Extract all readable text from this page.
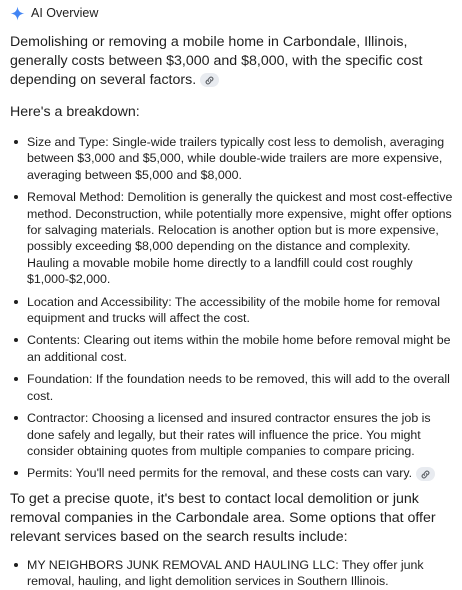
AI Overview

Demolishing or removing a mobile home in Carbondale, Illinois, generally costs between $3,000 and $8,000, with the specific cost depending on several factors.

Here's a breakdown:
Size and Type: Single-wide trailers typically cost less to demolish, averaging between $3,000 and $5,000, while double-wide trailers are more expensive, averaging between $5,000 and $8,000.
Removal Method: Demolition is generally the quickest and most cost-effective method. Deconstruction, while potentially more expensive, might offer options for salvaging materials. Relocation is another option but is more expensive, possibly exceeding $8,000 depending on the distance and complexity. Hauling a movable mobile home directly to a landfill could cost roughly $1,000-$2,000.
Location and Accessibility: The accessibility of the mobile home for removal equipment and trucks will affect the cost.
Contents: Clearing out items within the mobile home before removal might be an additional cost.
Foundation: If the foundation needs to be removed, this will add to the overall cost.
Contractor: Choosing a licensed and insured contractor ensures the job is done safely and legally, but their rates will influence the price. You might consider obtaining quotes from multiple companies to compare pricing.
Permits: You'll need permits for the removal, and these costs can vary.

To get a precise quote, it's best to contact local demolition or junk removal companies in the Carbondale area. Some options that offer relevant services based on the search results include:

MY NEIGHBORS JUNK REMOVAL AND HAULING LLC: They offer junk removal, hauling, and light demolition services in Southern Illinois.
